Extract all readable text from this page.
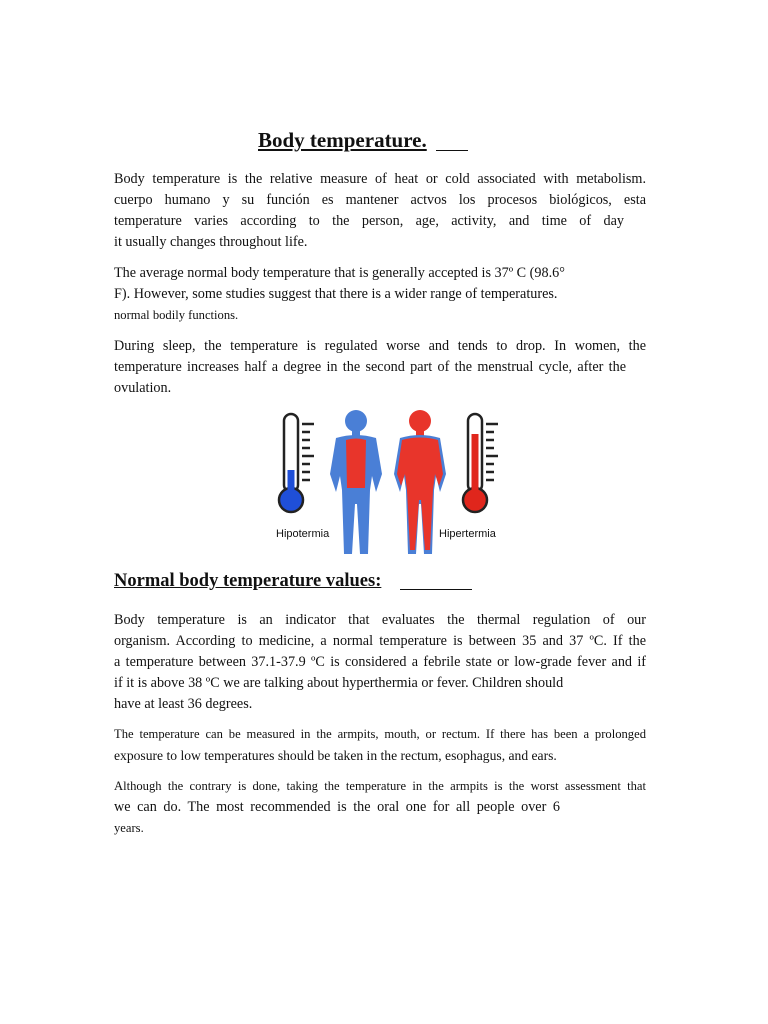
Body temperature.
Body temperature is the relative measure of heat or cold associated with metabolism.
cuerpo humano y su función es mantener actvos los procesos biológicos, esta
temperature varies according to the person, age, activity, and time of day
it usually changes throughout life.
The average normal body temperature that is generally accepted is 37º C (98.6°
F). However, some studies suggest that there is a wider range of temperatures.
normal bodily functions.
During sleep, the temperature is regulated worse and tends to drop. In women, the
temperature increases half a degree in the second part of the menstrual cycle, after the
ovulation.
Hipotermia	Hipertermia
Normal body temperature values:
Body temperature is an indicator that evaluates the thermal regulation of our
organism. According to medicine, a normal temperature is between 35 and 37 ºC. If the
a temperature between 37.1-37.9 ºC is considered a febrile state or low-grade fever and if
if it is above 38 ºC we are talking about hyperthermia or fever. Children should
have at least 36 degrees.
The temperature can be measured in the armpits, mouth, or rectum. If there has been a prolonged
exposure to low temperatures should be taken in the rectum, esophagus, and ears.
Although the contrary is done, taking the temperature in the armpits is the worst assessment that
we can do. The most recommended is the oral one for all people over 6
years.
